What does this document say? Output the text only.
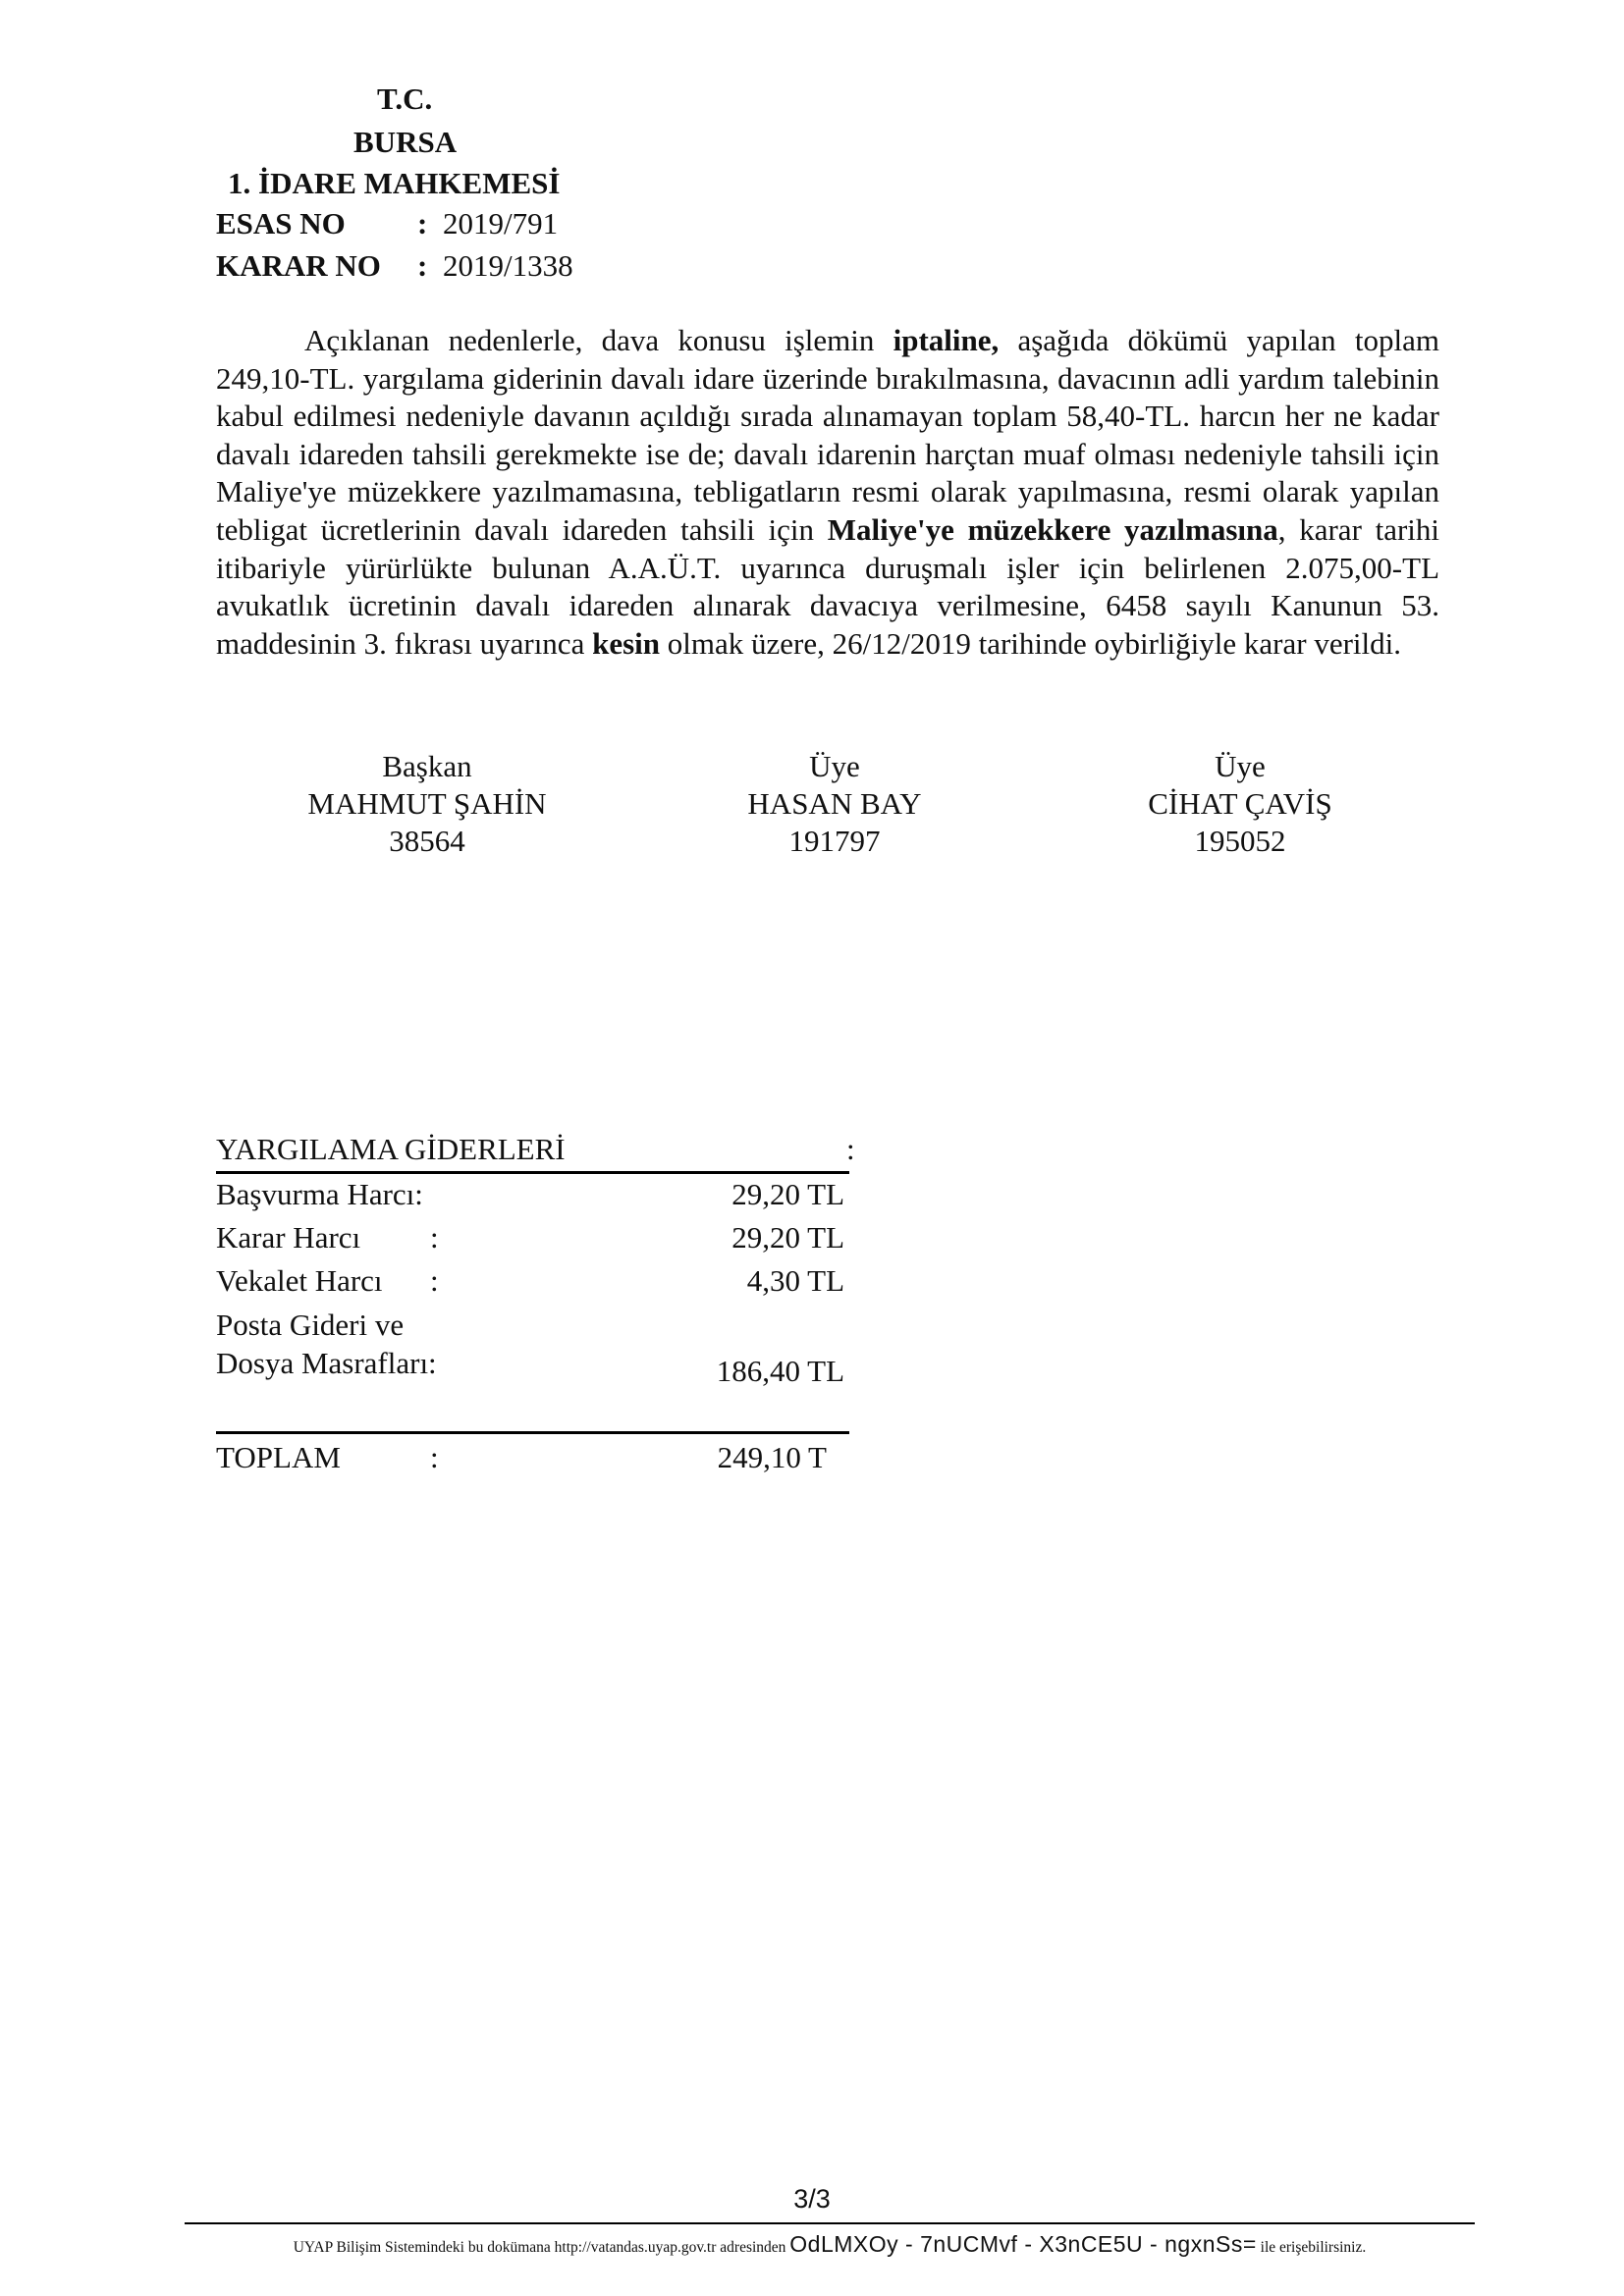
T.C.
BURSA
1. İDARE MAHKEMESİ
ESAS NO	: 2019/791
KARAR NO	: 2019/1338
Açıklanan nedenlerle, dava konusu işlemin iptaline, aşağıda dökümü yapılan toplam 249,10-TL. yargılama giderinin davalı idare üzerinde bırakılmasına, davacının adli yardım talebinin kabul edilmesi nedeniyle davanın açıldığı sırada alınamayan toplam 58,40-TL. harcın her ne kadar davalı idareden tahsili gerekmekte ise de; davalı idarenin harçtan muaf olması nedeniyle tahsili için Maliye'ye müzekkere yazılmamasına, tebligatların resmi olarak yapılmasına, resmi olarak yapılan tebligat ücretlerinin davalı idareden tahsili için Maliye'ye müzekkere yazılmasına, karar tarihi itibariyle yürürlükte bulunan A.A.Ü.T. uyarınca duruşmalı işler için belirlenen 2.075,00-TL avukatlık ücretinin davalı idareden alınarak davacıya verilmesine, 6458 sayılı Kanunun 53. maddesinin 3. fıkrası uyarınca kesin olmak üzere, 26/12/2019 tarihinde oybirliğiyle karar verildi.
Başkan
MAHMUT ŞAHİN
38564
Üye
HASAN BAY
191797
Üye
CİHAT ÇAVİŞ
195052
YARGILAMA GİDERLERİ	:
Başvurma Harcı:	29,20 TL
Karar Harcı :	29,20 TL
Vekalet Harcı :	4,30 TL
Posta Gideri ve
Dosya Masrafları:	186,40 TL
TOPLAM	:	249,10 T
3/3
UYAP Bilişim Sistemindeki bu dokümana http://vatandas.uyap.gov.tr adresinden OdLMXOy - 7nUCMvf - X3nCE5U - ngxnSs= ile erişebilirsiniz.
